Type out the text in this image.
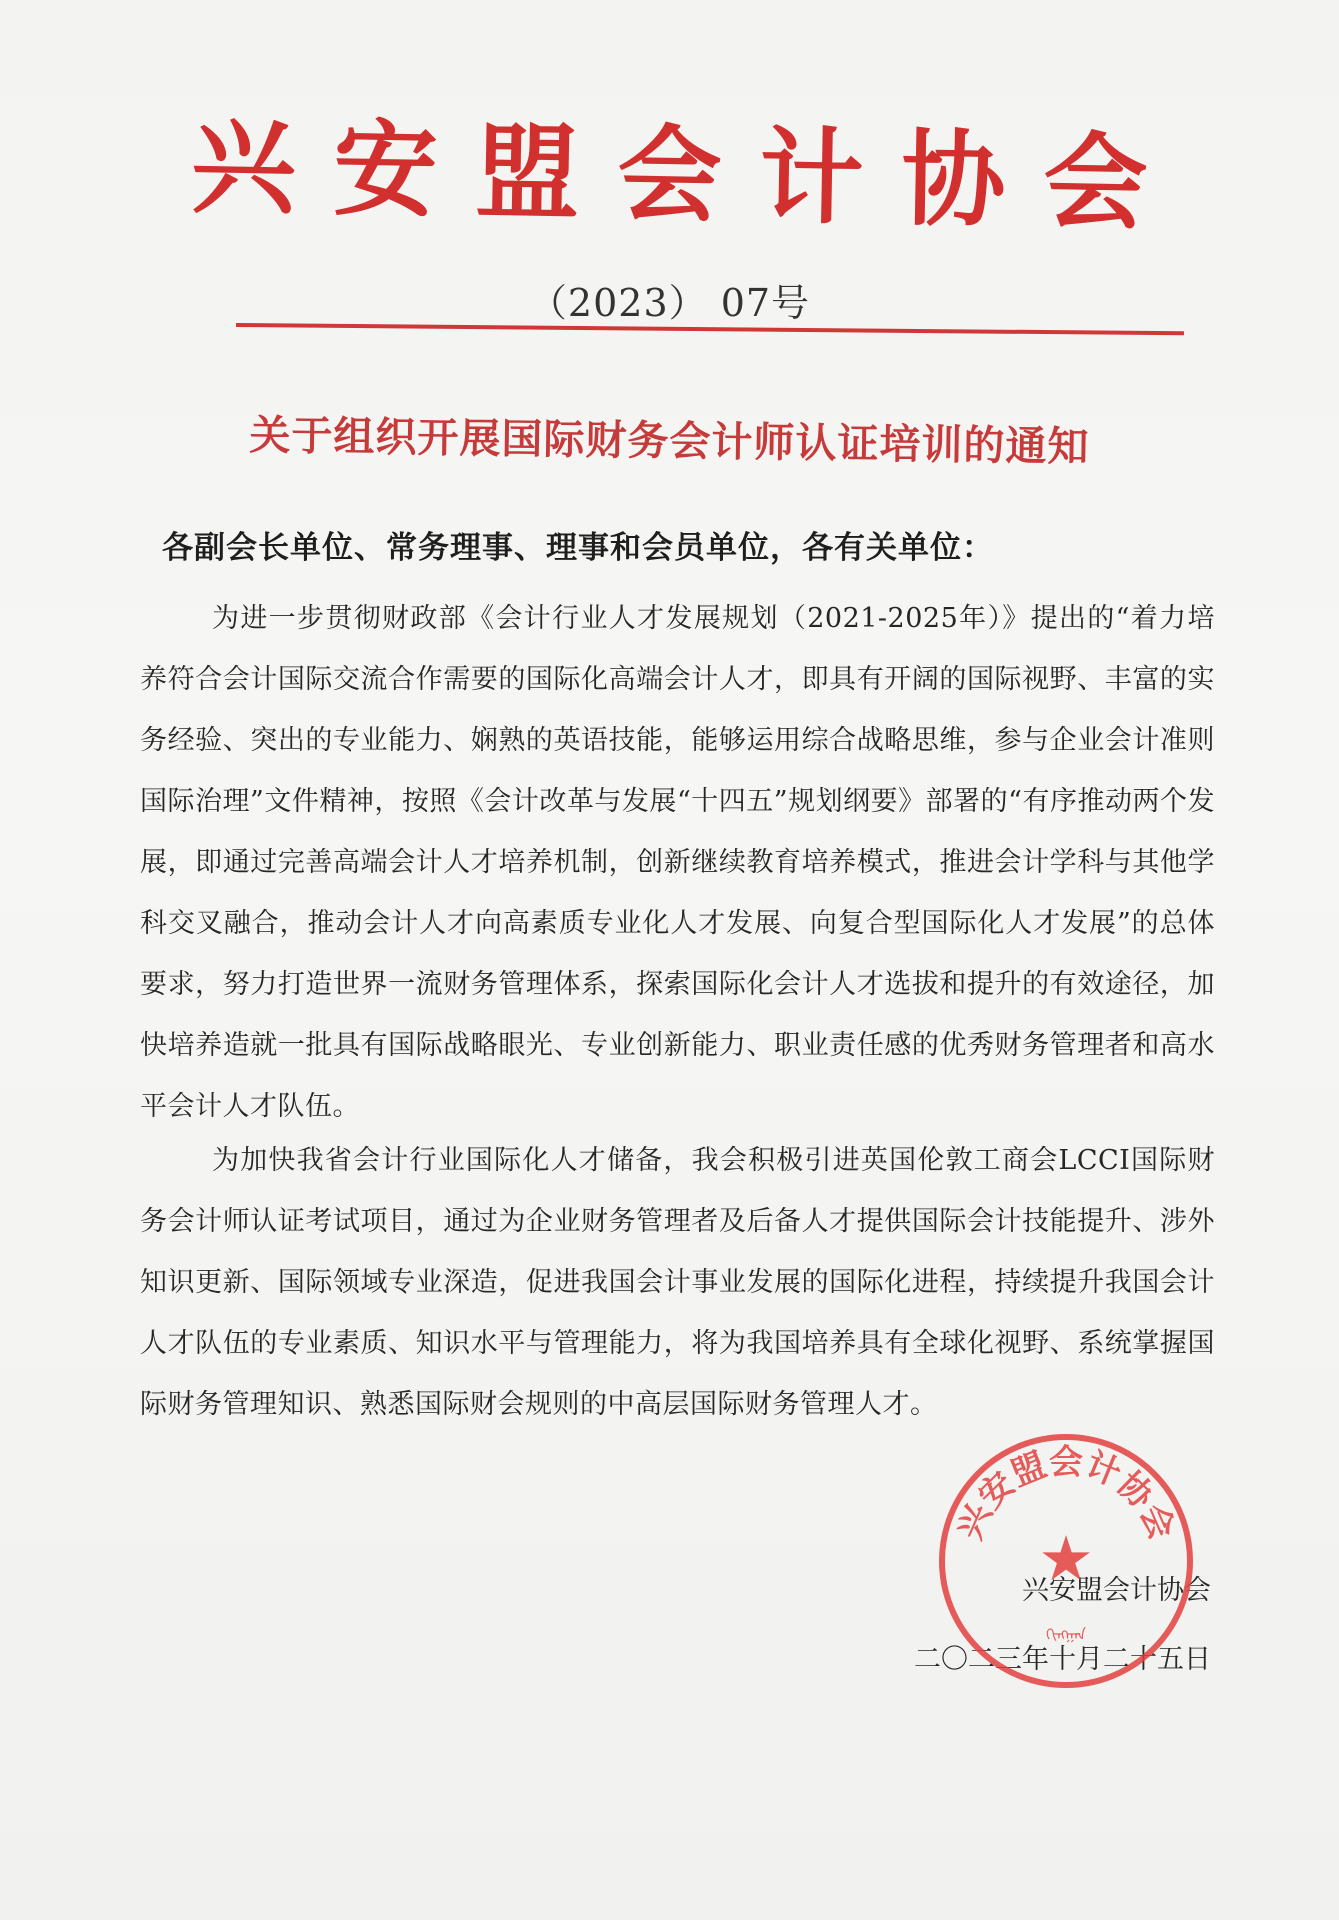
兴安盟会计协会
（2023） 07号
关于组织开展国际财务会计师认证培训的通知
各副会长单位、常务理事、理事和会员单位，各有关单位：

为进一步贯彻财政部《会计行业人才发展规划（2021-2025年）》提出的“着力培养符合会计国际交流合作需要的国际化高端会计人才，即具有开阔的国际视野、丰富的实务经验、突出的专业能力、娴熟的英语技能，能够运用综合战略思维，参与企业会计准则国际治理”文件精神，按照《会计改革与发展“十四五”规划纲要》部署的“有序推动两个发展，即通过完善高端会计人才培养机制，创新继续教育培养模式，推进会计学科与其他学科交叉融合，推动会计人才向高素质专业化人才发展、向复合型国际化人才发展”的总体要求，努力打造世界一流财务管理体系，探索国际化会计人才选拔和提升的有效途径，加快培养造就一批具有国际战略眼光、专业创新能力、职业责任感的优秀财务管理者和高水平会计人才队伍。

为加快我省会计行业国际化人才储备，我会积极引进英国伦敦工商会LCCI国际财务会计师认证考试项目，通过为企业财务管理者及后备人才提供国际会计技能提升、涉外知识更新、国际领域专业深造，促进我国会计事业发展的国际化进程，持续提升我国会计人才队伍的专业素质、知识水平与管理能力，将为我国培养具有全球化视野、系统掌握国际财务管理知识、熟悉国际财会规则的中高层国际财务管理人才。

兴安盟会计协会
二〇二三年十月二十五日
兴安盟会计协会
★
ᠬᠢᠩᠭᠠᠨ
